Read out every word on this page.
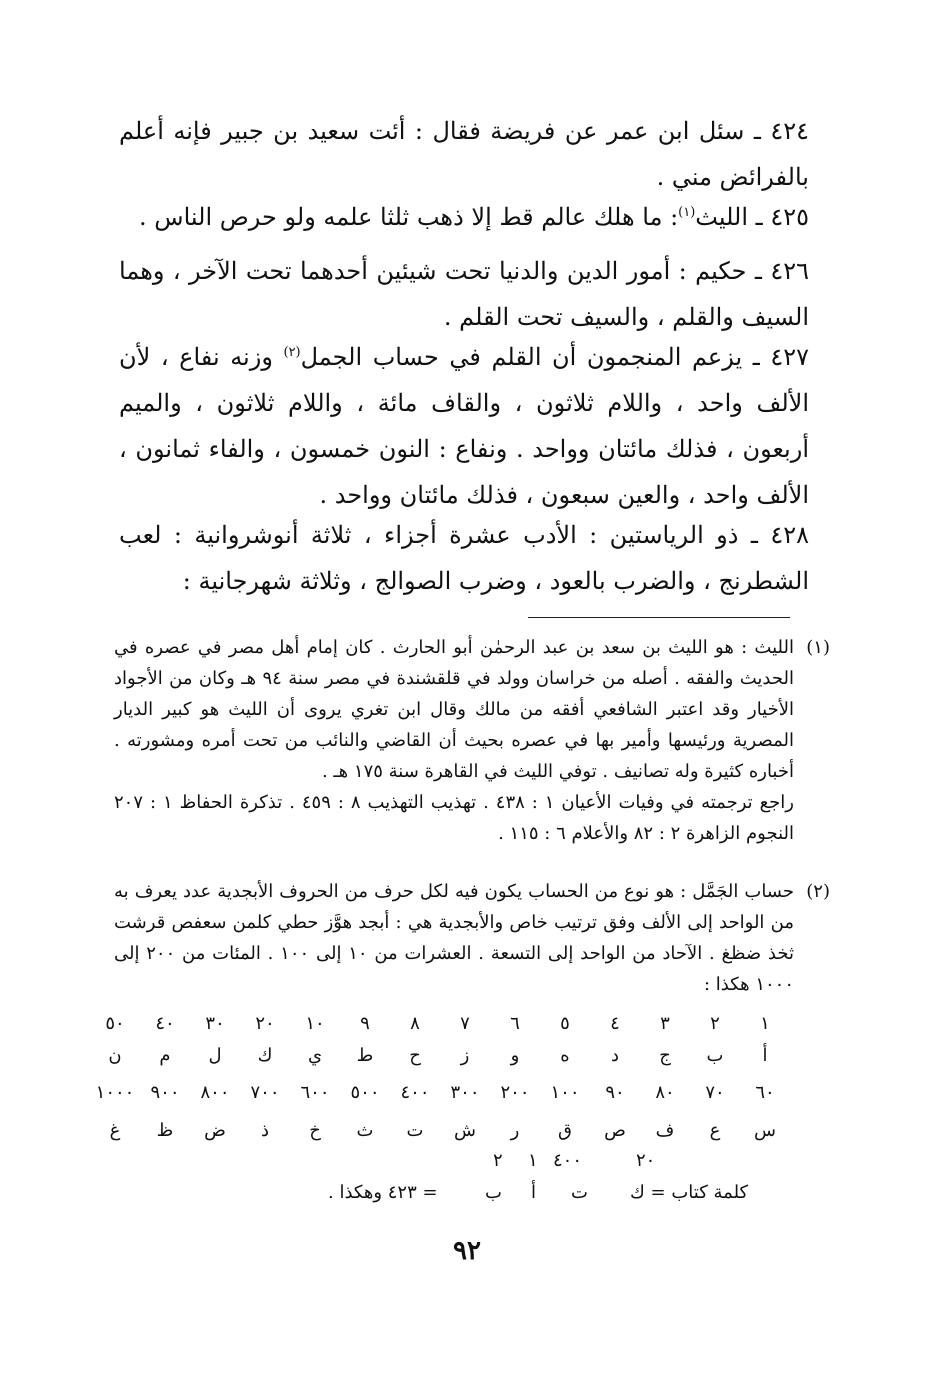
٤٢٤ ـ سئل ابن عمر عن فريضة فقال : أئت سعيد بن جبير فإنه أعلم بالفرائض مني .
٤٢٥ ـ الليث$^{(١)}$: ما هلك عالم قط إلا ذهب ثلثا علمه ولو حرص الناس .
٤٢٦ ـ حكيم : أمور الدين والدنيا تحت شيئين أحدهما تحت الآخر ، وهما السيف والقلم ، والسيف تحت القلم .
٤٢٧ ـ يزعم المنجمون أن القلم في حساب الجمل$^{(٢)}$ وزنه نفاع ، لأن الألف واحد ، واللام ثلاثون ، والقاف مائة ، واللام ثلاثون ، والميم أربعون ، فذلك مائتان وواحد . ونفاع : النون خمسون ، والفاء ثمانون ، الألف واحد ، والعين سبعون ، فذلك مائتان وواحد .
٤٢٨ ـ ذو الرياستين : الأدب عشرة أجزاء ، ثلاثة أنوشروانية : لعب الشطرنج ، والضرب بالعود ، وضرب الصوالج ، وثلاثة شهرجانية :
(١)
الليث : هو الليث بن سعد بن عبد الرحمٰن أبو الحارث . كان إمام أهل مصر في عصره في الحديث والفقه . أصله من خراسان وولد في قلقشندة في مصر سنة ٩٤ هـ وكان من الأجواد الأخيار وقد اعتبر الشافعي أفقه من مالك وقال ابن تغري يروى أن الليث هو كبير الديار المصرية ورئيسها وأمير بها في عصره بحيث أن القاضي والنائب من تحت أمره ومشورته . أخباره كثيرة وله تصانيف . توفي الليث في القاهرة سنة ١٧٥ هـ .
راجع ترجمته في وفيات الأعيان ١ : ٤٣٨ . تهذيب التهذيب ٨ : ٤٥٩ . تذكرة الحفاظ ١ : ٢٠٧ النجوم الزاهرة ٢ : ٨٢ والأعلام ٦ : ١١٥ .
(٢)
حساب الجَمَّل : هو نوع من الحساب يكون فيه لكل حرف من الحروف الأبجدية عدد يعرف به من الواحد إلى الألف وفق ترتيب خاص والأبجدية هي : أبجد هوَّز حطي كلمن سعفص قرشت ثخذ ضظغ . الآحاد من الواحد إلى التسعة . العشرات من ١٠ إلى ١٠٠ . المئات من ٢٠٠ إلى ١٠٠٠ هكذا :
١
٢
٣
٤
٥
٦
٧
٨
٩
١٠
٢٠
٣٠
٤٠
٥٠
أ
ب
ج
د
ه
و
ز
ح
ط
ي
ك
ل
م
ن
٦٠
٧٠
٨٠
٩٠
١٠٠
٢٠٠
٣٠٠
٤٠٠
٥٠٠
٦٠٠
٧٠٠
٨٠٠
٩٠٠
١٠٠٠
س
ع
ف
ص
ق
ر
ش
ت
ث
خ
ذ
ض
ظ
غ
٢٠
٤٠٠
١
٢
كلمة كتاب = ك
ت
أ
ب
= ٤٢٣ وهكذا .
٩٢
